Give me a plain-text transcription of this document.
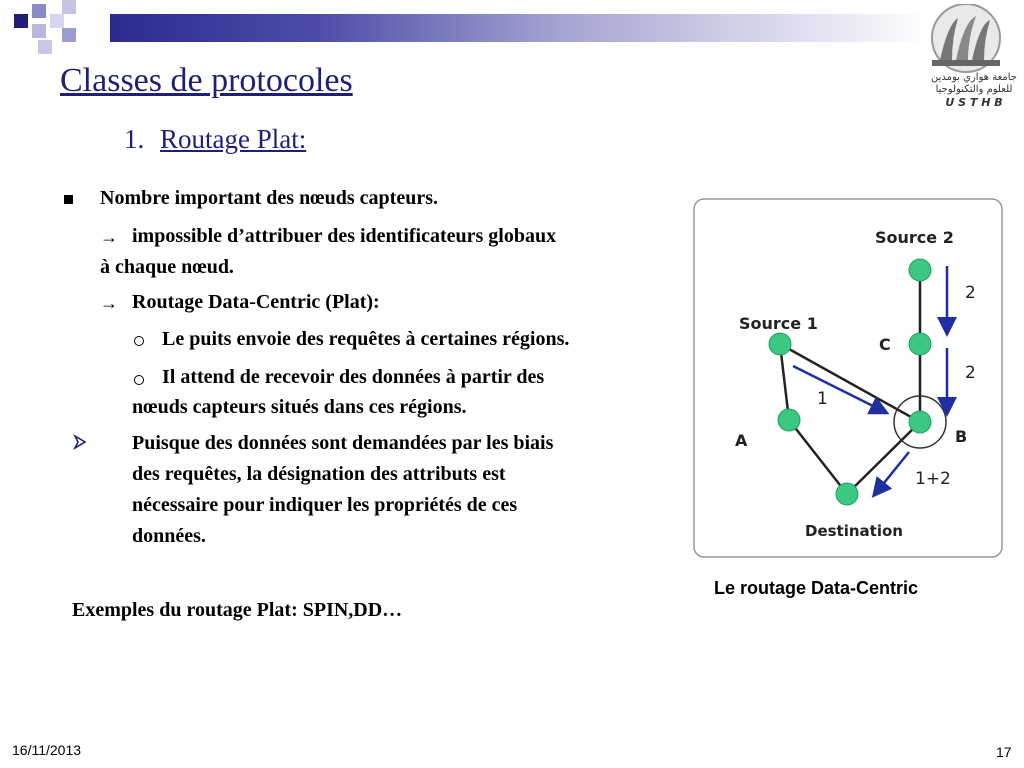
جامعة هواري بومدين
للعلوم والتكنولوجيا
U S T H B
Classes de protocoles
1. Routage Plat:
Nombre important des nœuds capteurs.
→ impossible d’attribuer des identificateurs globaux
à chaque nœud.
→ Routage Data-Centric (Plat):
Le puits envoie des requêtes à certaines régions.
Il attend de recevoir des données à partir des
nœuds capteurs situés dans ces régions.
Puisque des données sont demandées par les biais
des requêtes, la désignation des attributs est
nécessaire pour indiquer les propriétés de ces
données.
Exemples du routage Plat: SPIN,DD…
Source 2
Source 1
C
A	B
Destination
2
2
1
1+2
Le routage Data-Centric
16/11/2013	17
